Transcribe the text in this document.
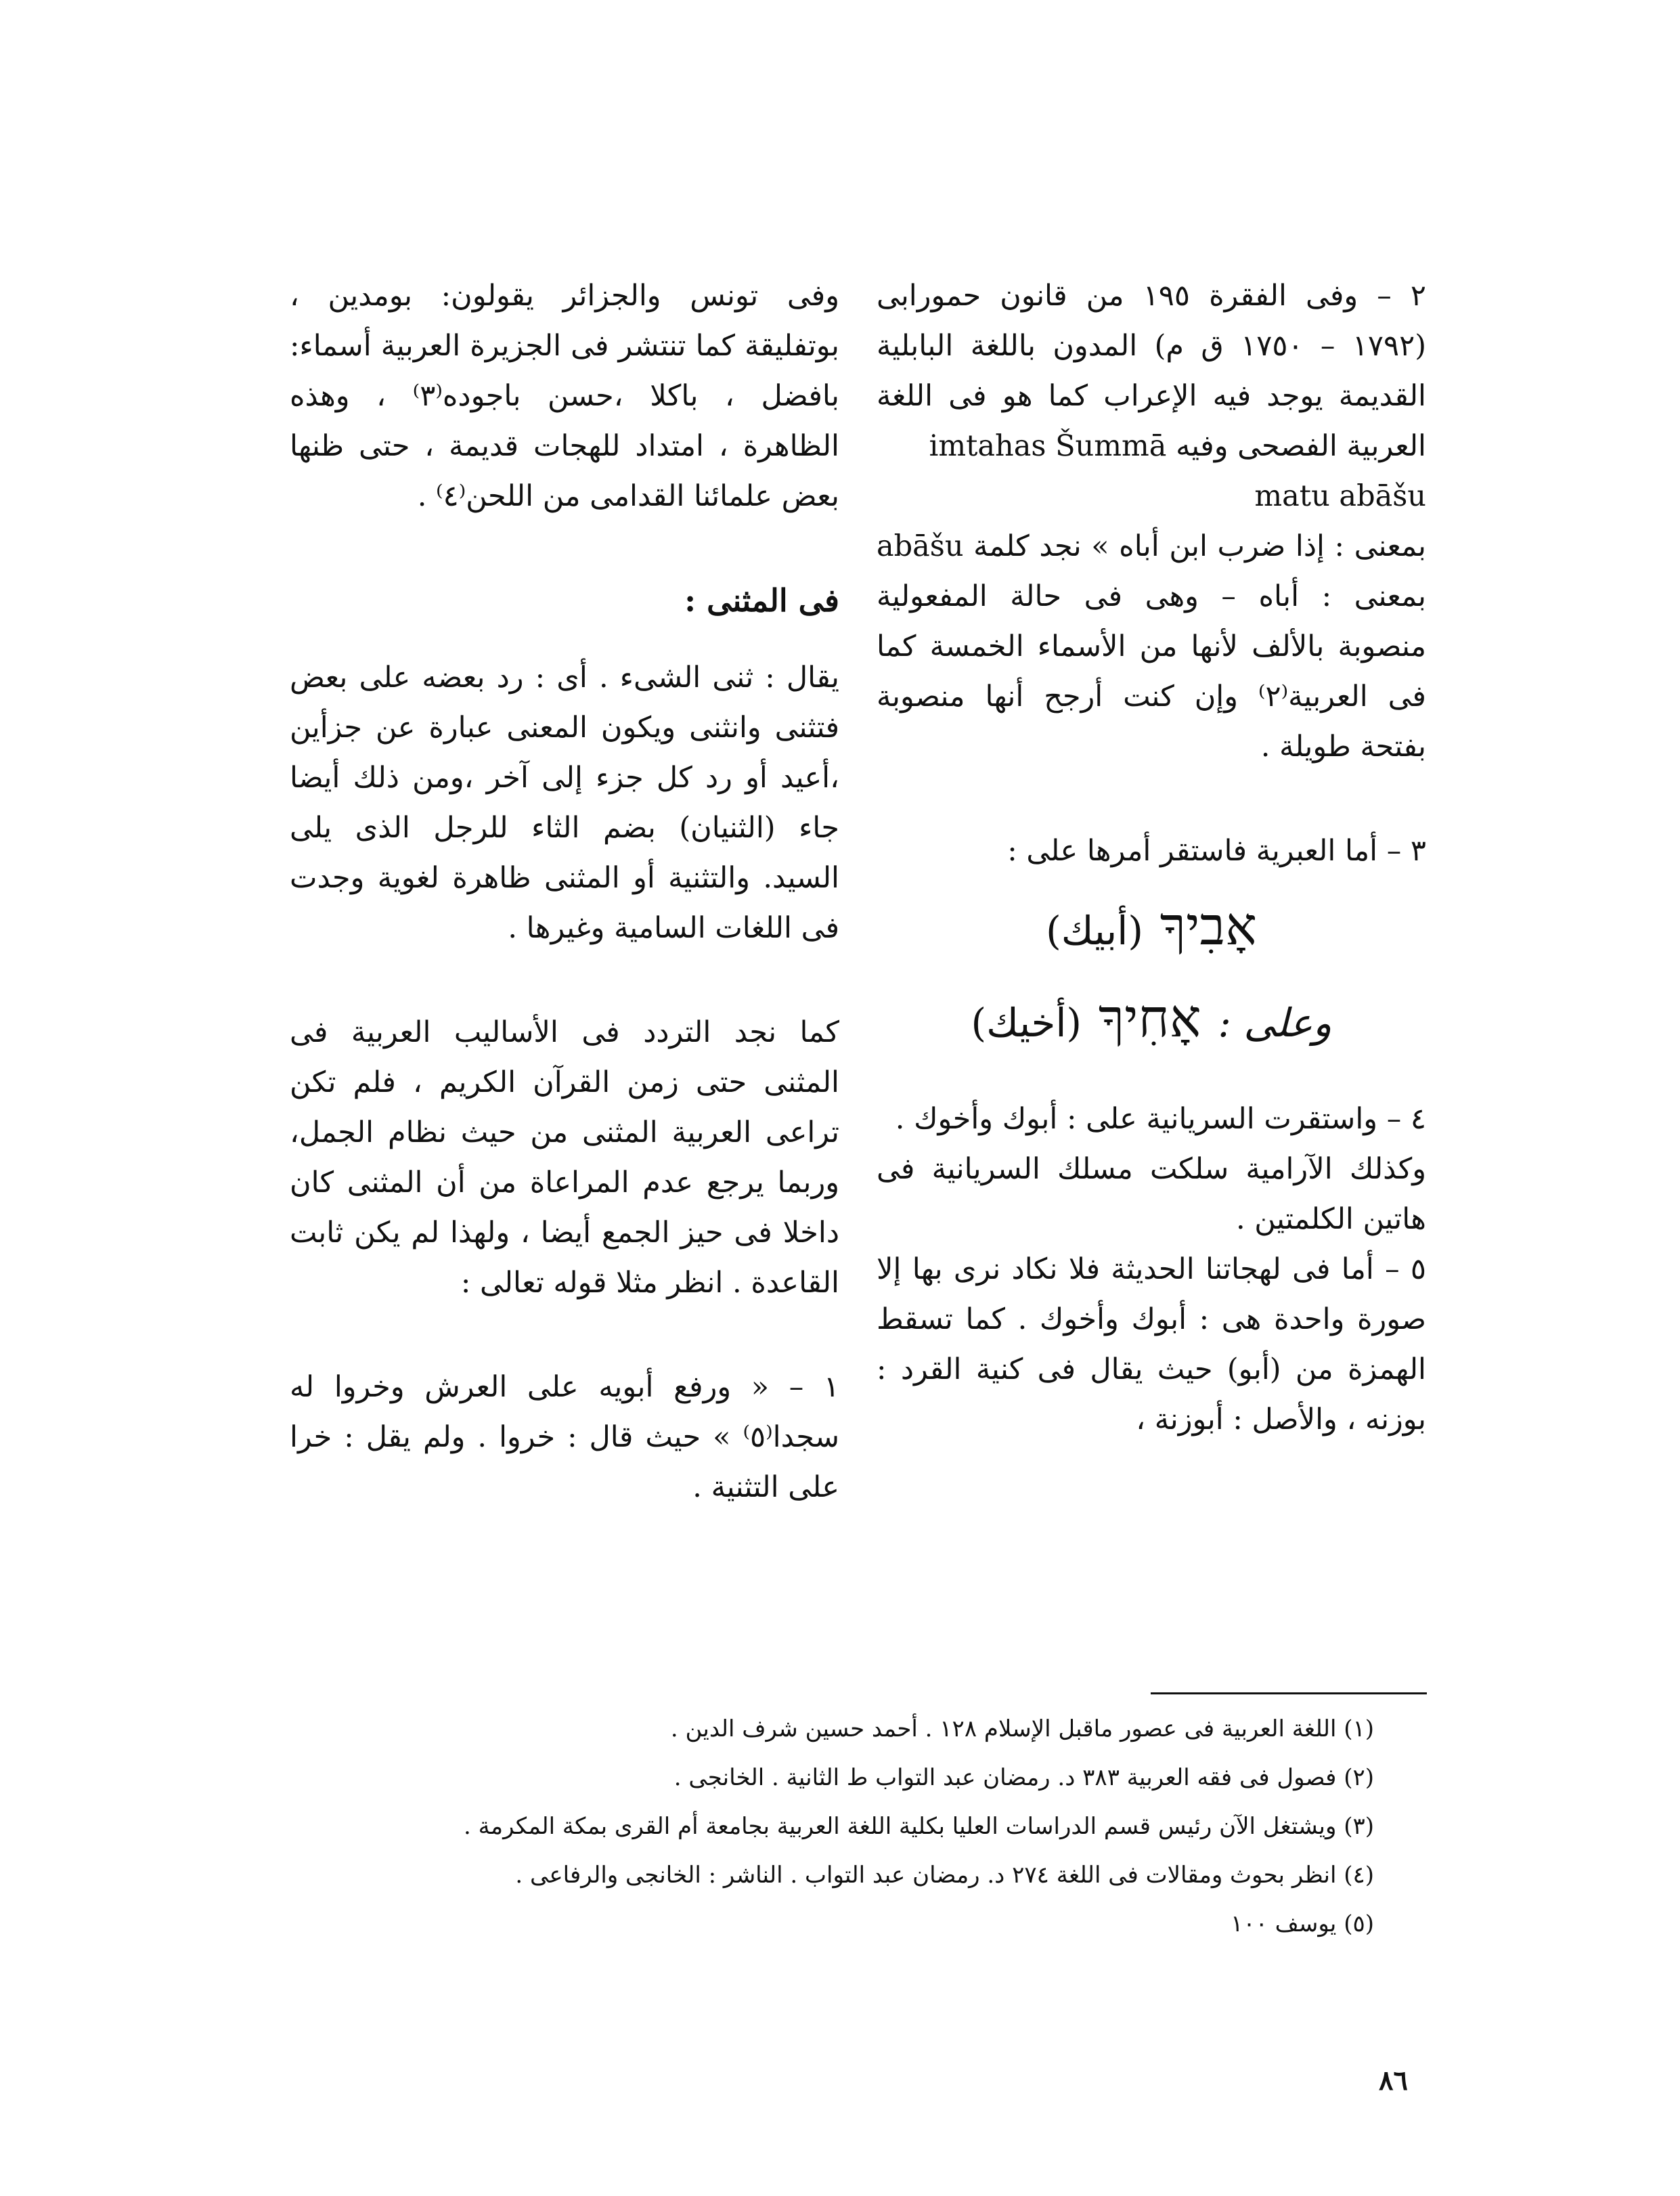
٢ – وفى الفقرة ١٩٥ من قانون حمورابى (١٧٩٢ – ١٧٥٠ ق م) المدون باللغة البابلية القديمة يوجد فيه الإعراب كما هو فى اللغة العربية الفصحى وفيه imtahas Šummā

matu abāšu

بمعنى : إذا ضرب ابن أباه » نجد كلمة abāšu بمعنى : أباه – وهى فى حالة المفعولية منصوبة بالألف لأنها من الأسماء الخمسة كما فى العربية⁽٢⁾ وإن كنت أرجح أنها منصوبة بفتحة طويلة .

٣ – أما العبرية فاستقر أمرها على :

אָבִיךָ (أبيك)
وعلى : אָחִיךָ (أخيك)

٤ – واستقرت السريانية على : أبوك وأخوك .

وكذلك الآرامية سلكت مسلك السريانية فى هاتين الكلمتين .

٥ – أما فى لهجاتنا الحديثة فلا نكاد نرى بها إلا صورة واحدة هى : أبوك وأخوك . كما تسقط الهمزة من (أبو) حيث يقال فى كنية القرد : بوزنه ، والأصل : أبوزنة ،

وفى تونس والجزائر يقولون: بومدين ، بوتفليقة كما تنتشر فى الجزيرة العربية أسماء: بافضل ، باكلا ،حسن باجوده⁽٣⁾ ، وهذه الظاهرة ، امتداد للهجات قديمة ، حتى ظنها بعض علمائنا القدامى من اللحن⁽٤⁾ .

فى المثنى :

يقال : ثنى الشىء . أى : رد بعضه على بعض فتثنى وانثنى ويكون المعنى عبارة عن جزأين ،أعيد أو رد كل جزء إلى آخر ،ومن ذلك أيضا جاء (الثنيان) بضم الثاء للرجل الذى يلى السيد. والتثنية أو المثنى ظاهرة لغوية وجدت فى اللغات السامية وغيرها .

كما نجد التردد فى الأساليب العربية فى المثنى حتى زمن القرآن الكريم ، فلم تكن تراعى العربية المثنى من حيث نظام الجمل، وربما يرجع عدم المراعاة من أن المثنى كان داخلا فى حيز الجمع أيضا ، ولهذا لم يكن ثابت القاعدة . انظر مثلا قوله تعالى :

١ – « ورفع أبويه على العرش وخروا له سجدا⁽٥⁾ » حيث قال : خروا . ولم يقل : خرا على التثنية .

(١) اللغة العربية فى عصور ماقبل الإسلام ١٢٨ . أحمد حسين شرف الدين .

(٢) فصول فى فقه العربية ٣٨٣ د. رمضان عبد التواب ط الثانية . الخانجى .

(٣) ويشتغل الآن رئيس قسم الدراسات العليا بكلية اللغة العربية بجامعة أم القرى بمكة المكرمة .

(٤) انظر بحوث ومقالات فى اللغة ٢٧٤ د. رمضان عبد التواب . الناشر : الخانجى والرفاعى .

(٥) يوسف ١٠٠

٨٦
